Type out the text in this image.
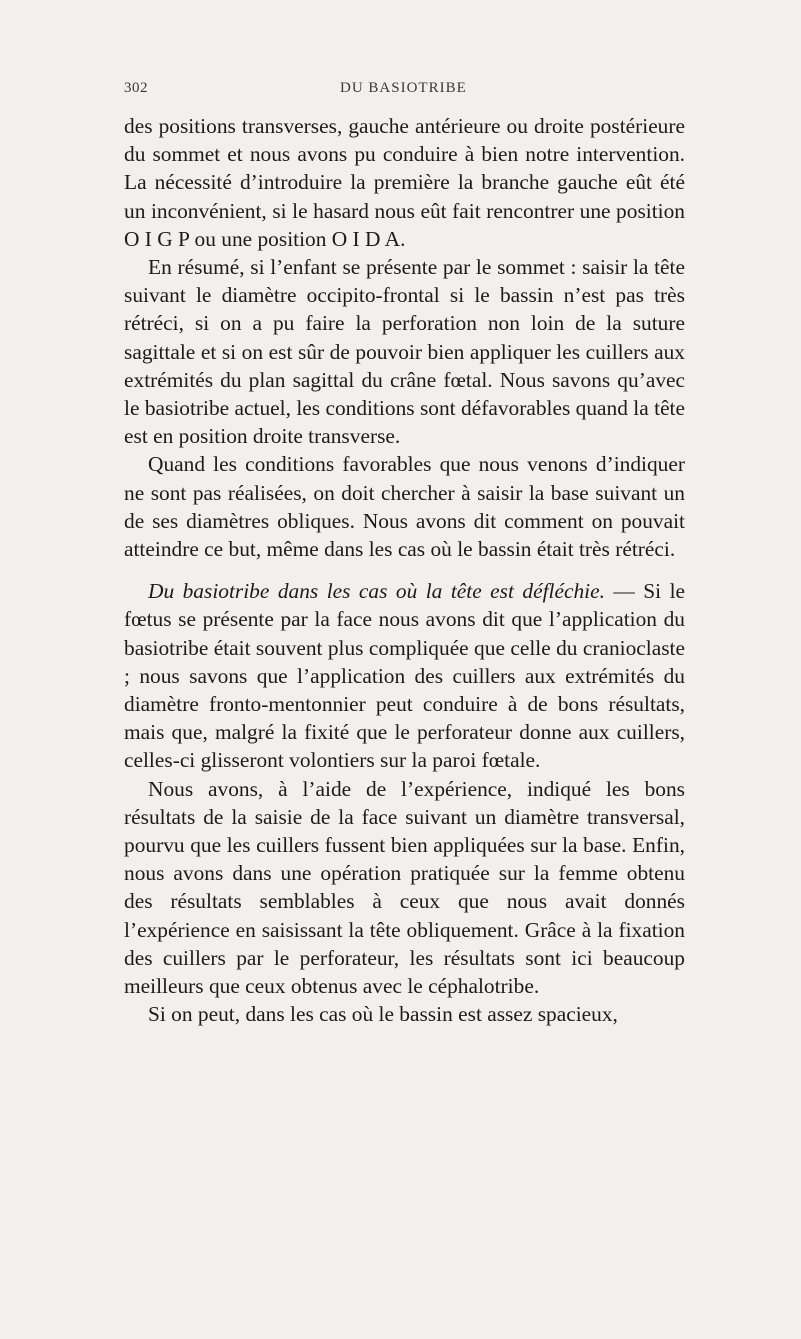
302	DU BASIOTRIBE

des positions transverses, gauche antérieure ou droite postérieure du sommet et nous avons pu conduire à bien notre intervention. La nécessité d’introduire la première la branche gauche eût été un inconvénient, si le hasard nous eût fait rencontrer une position O I G P ou une position O I D A.

En résumé, si l’enfant se présente par le sommet : saisir la tête suivant le diamètre occipito-frontal si le bassin n’est pas très rétréci, si on a pu faire la perforation non loin de la suture sagittale et si on est sûr de pouvoir bien appliquer les cuillers aux extrémités du plan sagittal du crâne fœtal. Nous savons qu’avec le basiotribe actuel, les conditions sont défavorables quand la tête est en position droite transverse.

Quand les conditions favorables que nous venons d’indiquer ne sont pas réalisées, on doit chercher à saisir la base suivant un de ses diamètres obliques. Nous avons dit comment on pouvait atteindre ce but, même dans les cas où le bassin était très rétréci.

Du basiotribe dans les cas où la tête est défléchie. — Si le fœtus se présente par la face nous avons dit que l’application du basiotribe était souvent plus compliquée que celle du cranioclaste ; nous savons que l’application des cuillers aux extrémités du diamètre fronto-mentonnier peut conduire à de bons résultats, mais que, malgré la fixité que le perforateur donne aux cuillers, celles-ci glisseront volontiers sur la paroi fœtale.

Nous avons, à l’aide de l’expérience, indiqué les bons résultats de la saisie de la face suivant un diamètre transversal, pourvu que les cuillers fussent bien appliquées sur la base. Enfin, nous avons dans une opération pratiquée sur la femme obtenu des résultats semblables à ceux que nous avait donnés l’expérience en saisissant la tête obliquement. Grâce à la fixation des cuillers par le perforateur, les résultats sont ici beaucoup meilleurs que ceux obtenus avec le céphalotribe.

Si on peut, dans les cas où le bassin est assez spacieux,
